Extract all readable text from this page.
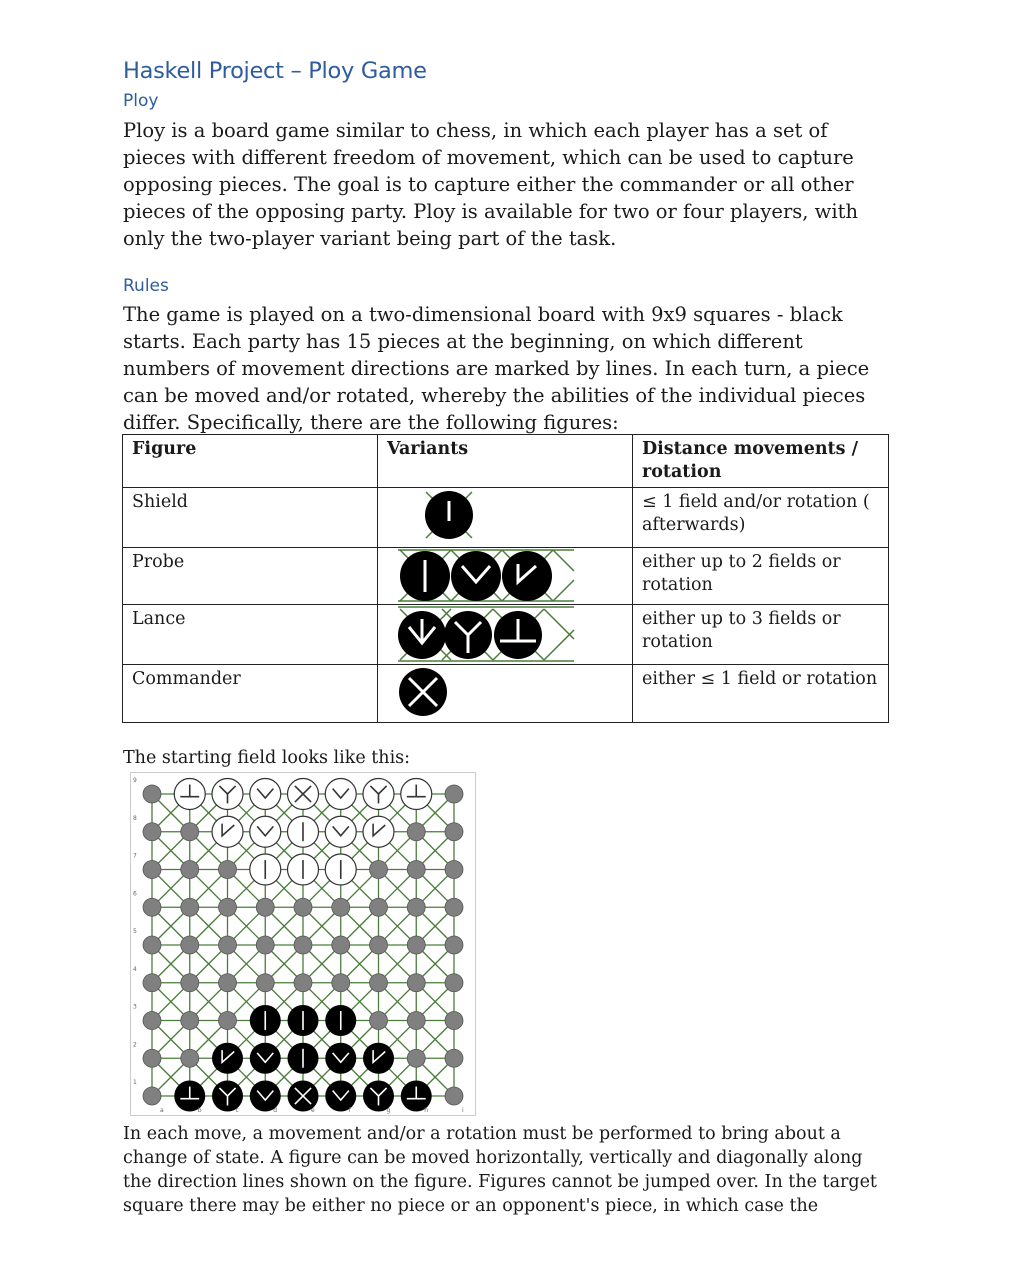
Haskell Project – Ploy Game
Ploy

Ploy is a board game similar to chess, in which each player has a set of
pieces with different freedom of movement, which can be used to capture
opposing pieces. The goal is to capture either the commander or all other
pieces of the opposing party. Ploy is available for two or four players, with
only the two-player variant being part of the task.

Rules

The game is played on a two-dimensional board with 9x9 squares - black
starts. Each party has 15 pieces at the beginning, on which different
numbers of movement directions are marked by lines. In each turn, a piece
can be moved and/or rotated, whereby the abilities of the individual pieces
differ. Specifically, there are the following figures:

Figure	Variants	Distance movements / rotation
Shield		≤ 1 field and/or rotation ( afterwards)
Probe		either up to 2 fields or rotation
Lance		either up to 3 fields or rotation
Commander		either ≤ 1 field or rotation

The starting field looks like this:

9
8
7
6
5
4
3
2
1
a	b	c	d	e	f	g	h	i

In each move, a movement and/or a rotation must be performed to bring about a
change of state. A figure can be moved horizontally, vertically and diagonally along
the direction lines shown on the figure. Figures cannot be jumped over. In the target
square there may be either no piece or an opponent's piece, in which case the
